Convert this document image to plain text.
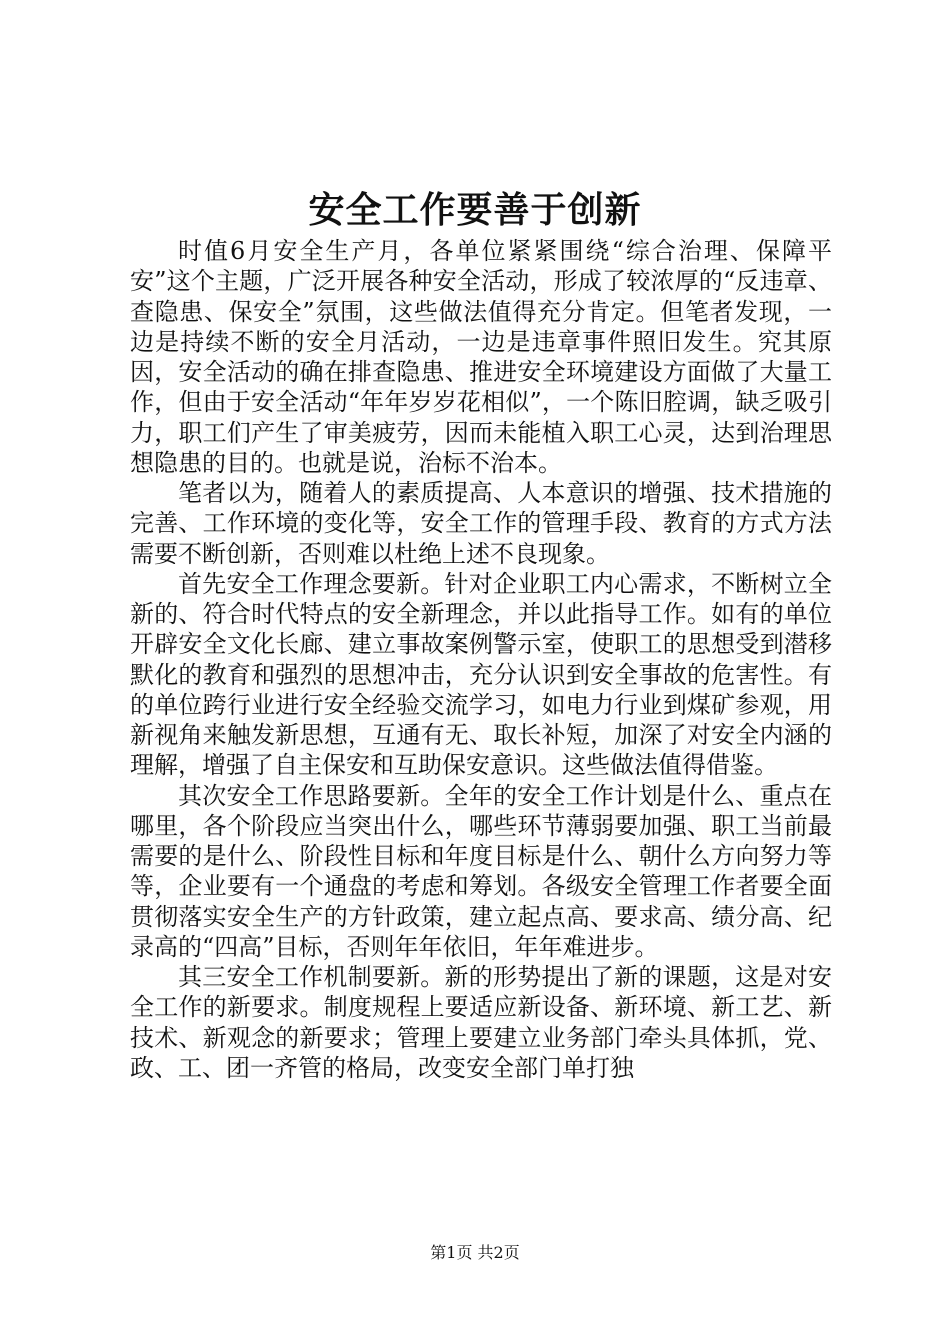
安全工作要善于创新

时值6月安全生产月，各单位紧紧围绕“综合治理、保障平安”这个主题，广泛开展各种安全活动，形成了较浓厚的“反违章、查隐患、保安全”氛围，这些做法值得充分肯定。但笔者发现，一边是持续不断的安全月活动，一边是违章事件照旧发生。究其原因，安全活动的确在排查隐患、推进安全环境建设方面做了大量工作，但由于安全活动“年年岁岁花相似”，一个陈旧腔调，缺乏吸引力，职工们产生了审美疲劳，因而未能植入职工心灵，达到治理思想隐患的目的。也就是说，治标不治本。

笔者以为，随着人的素质提高、人本意识的增强、技术措施的完善、工作环境的变化等，安全工作的管理手段、教育的方式方法需要不断创新，否则难以杜绝上述不良现象。

首先安全工作理念要新。针对企业职工内心需求，不断树立全新的、符合时代特点的安全新理念，并以此指导工作。如有的单位开辟安全文化长廊、建立事故案例警示室，使职工的思想受到潜移默化的教育和强烈的思想冲击，充分认识到安全事故的危害性。有的单位跨行业进行安全经验交流学习，如电力行业到煤矿参观，用新视角来触发新思想，互通有无、取长补短，加深了对安全内涵的理解，增强了自主保安和互助保安意识。这些做法值得借鉴。

其次安全工作思路要新。全年的安全工作计划是什么、重点在哪里，各个阶段应当突出什么，哪些环节薄弱要加强、职工当前最需要的是什么、阶段性目标和年度目标是什么、朝什么方向努力等等，企业要有一个通盘的考虑和筹划。各级安全管理工作者要全面贯彻落实安全生产的方针政策，建立起点高、要求高、绩分高、纪录高的“四高”目标，否则年年依旧，年年难进步。

其三安全工作机制要新。新的形势提出了新的课题，这是对安全工作的新要求。制度规程上要适应新设备、新环境、新工艺、新技术、新观念的新要求；管理上要建立业务部门牵头具体抓，党、政、工、团一齐管的格局，改变安全部门单打独

第1页 共2页
